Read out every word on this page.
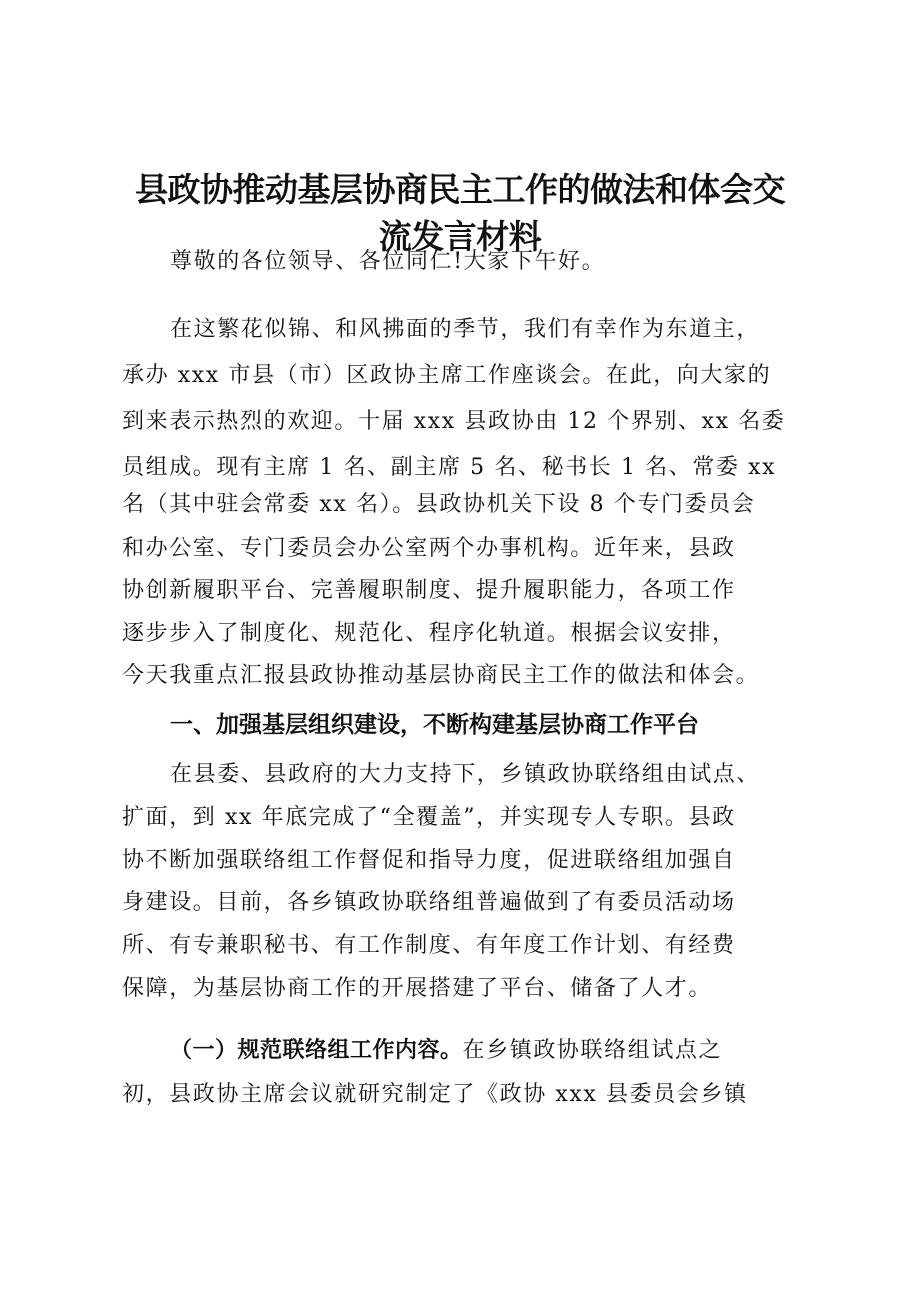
县政协推动基层协商民主工作的做法和体会交
流发言材料
尊敬的各位领导、各位同仁!大家下午好。
在这繁花似锦、和风拂面的季节，我们有幸作为东道主，
承办 xxx 市县（市）区政协主席工作座谈会。在此，向大家的
到来表示热烈的欢迎。十届 xxx 县政协由 12 个界别、xx 名委
员组成。现有主席 1 名、副主席 5 名、秘书长 1 名、常委 xx
名（其中驻会常委 xx 名）。县政协机关下设 8 个专门委员会
和办公室、专门委员会办公室两个办事机构。近年来，县政
协创新履职平台、完善履职制度、提升履职能力，各项工作
逐步步入了制度化、规范化、程序化轨道。根据会议安排，
今天我重点汇报县政协推动基层协商民主工作的做法和体会。
一、加强基层组织建设，不断构建基层协商工作平台
在县委、县政府的大力支持下，乡镇政协联络组由试点、
扩面，到 xx 年底完成了“全覆盖”，并实现专人专职。县政
协不断加强联络组工作督促和指导力度，促进联络组加强自
身建设。目前，各乡镇政协联络组普遍做到了有委员活动场
所、有专兼职秘书、有工作制度、有年度工作计划、有经费
保障，为基层协商工作的开展搭建了平台、储备了人才。
（一）规范联络组工作内容。在乡镇政协联络组试点之
初，县政协主席会议就研究制定了《政协 xxx 县委员会乡镇
